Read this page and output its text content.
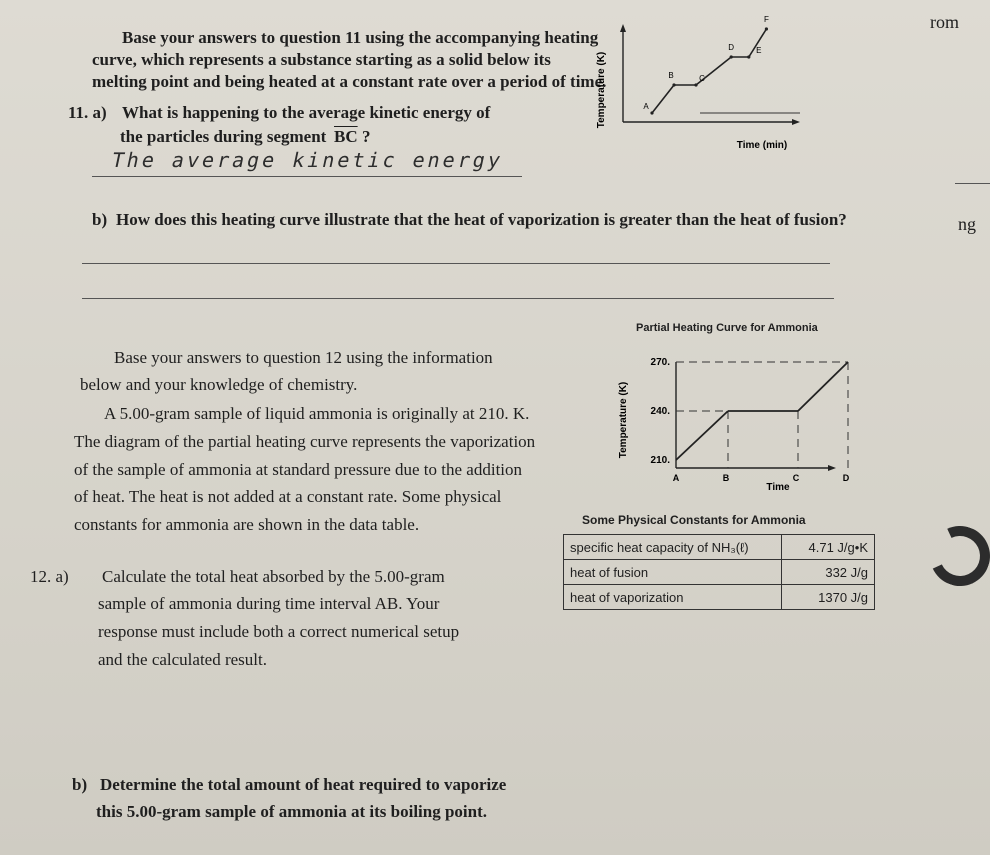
rom
ng
Base your answers to question 11 using the accompanying heating
curve, which represents a substance starting as a solid below its
melting point and being heated at a constant rate over a period of time.
11. a) What is happening to the average kinetic energy of
the particles during segment $\overline{BC}$ ?
The average kinetic energy
Temperature (K)	A
B	C
D	E
F
Time (min)
b) How does this heating curve illustrate that the heat of vaporization is greater than the heat of fusion?
Base your answers to question 12 using the information
below and your knowledge of chemistry.
A 5.00-gram sample of liquid ammonia is originally at 210. K.
The diagram of the partial heating curve represents the vaporization
of the sample of ammonia at standard pressure due to the addition
of heat. The heat is not added at a constant rate. Some physical
constants for ammonia are shown in the data table.
Partial Heating Curve for Ammonia
Temperature (K)
210.
240.
270.
A	B	C	D
Time
Some Physical Constants for Ammonia
specific heat capacity of NH₃(ℓ)	4.71 J/g•K
heat of fusion	332 J/g
heat of vaporization	1370 J/g
12. a) Calculate the total heat absorbed by the 5.00-gram
sample of ammonia during time interval AB. Your
response must include both a correct numerical setup
and the calculated result.
b) Determine the total amount of heat required to vaporize
this 5.00-gram sample of ammonia at its boiling point.
